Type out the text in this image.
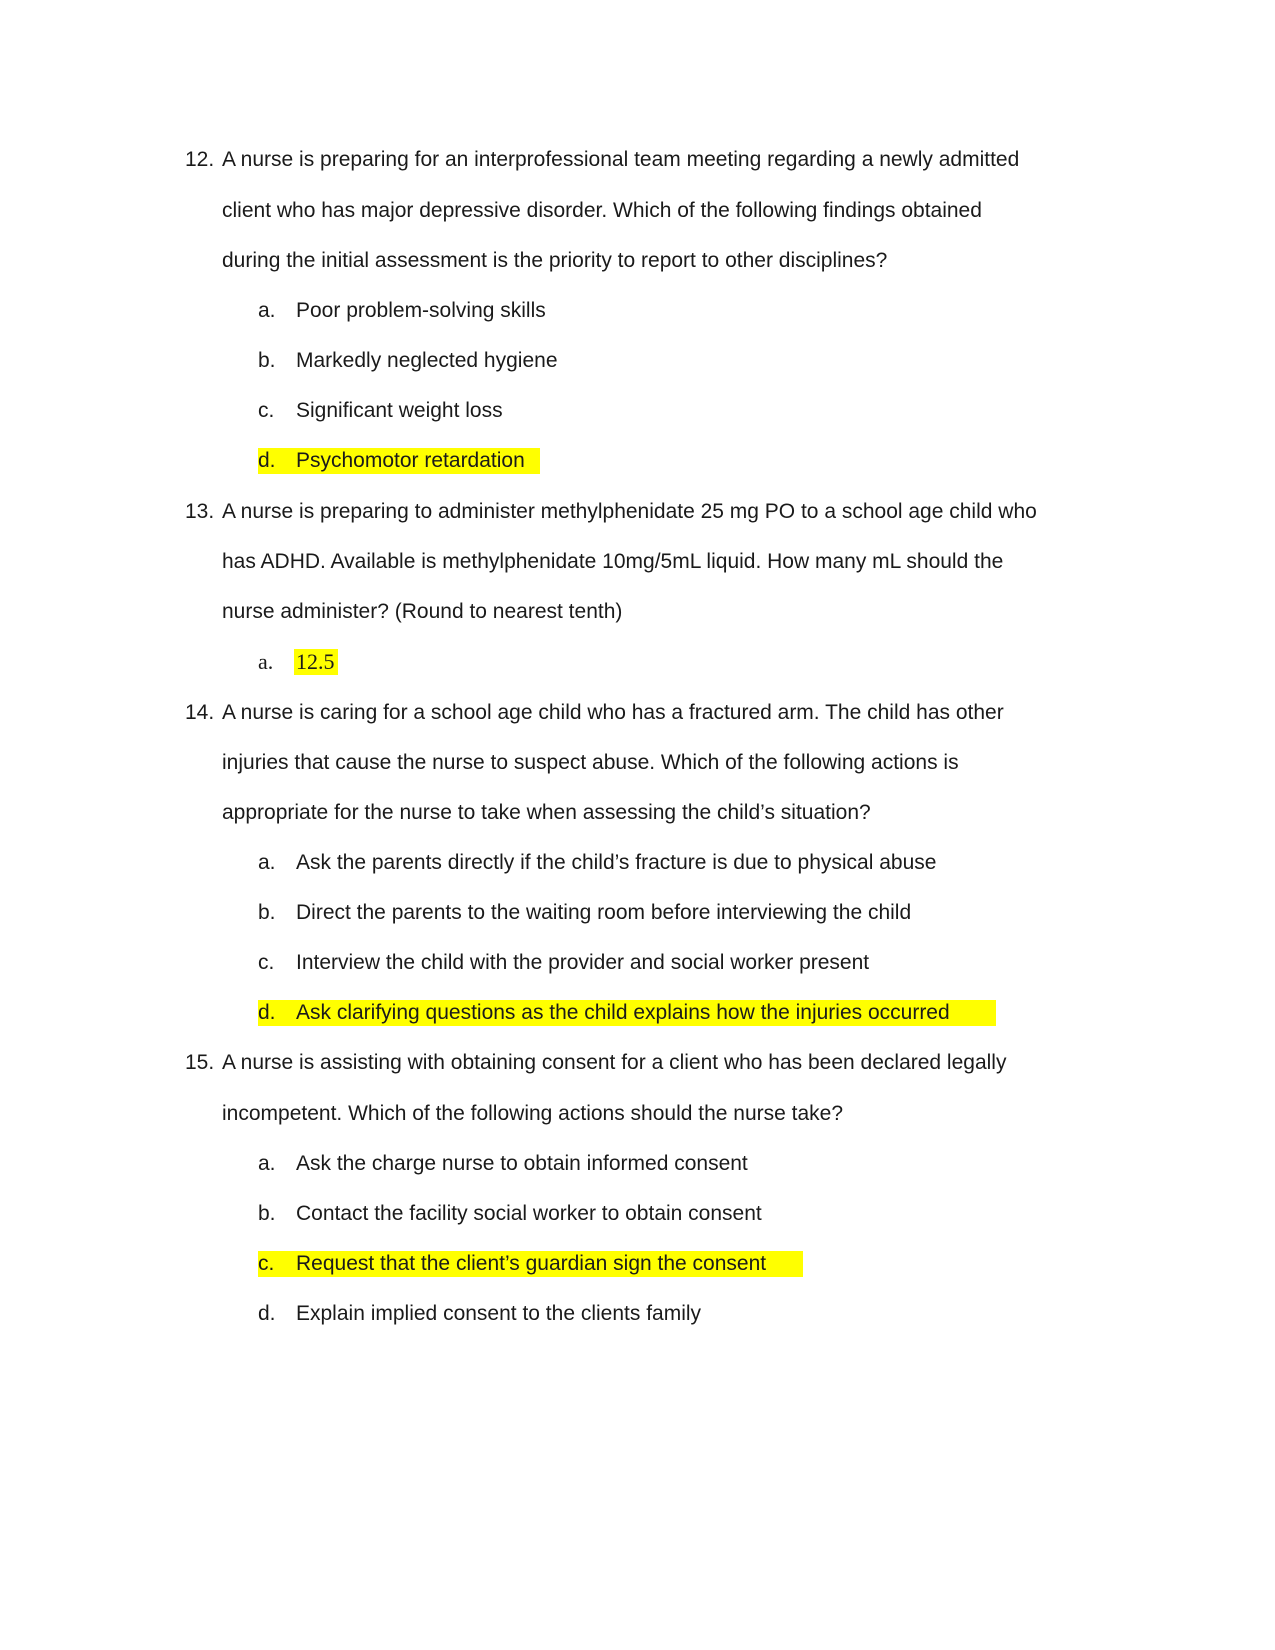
12. A nurse is preparing for an interprofessional team meeting regarding a newly admitted
client who has major depressive disorder. Which of the following findings obtained
during the initial assessment is the priority to report to other disciplines?
a. Poor problem-solving skills
b. Markedly neglected hygiene
c. Significant weight loss
d. Psychomotor retardation
13. A nurse is preparing to administer methylphenidate 25 mg PO to a school age child who
has ADHD. Available is methylphenidate 10mg/5mL liquid. How many mL should the
nurse administer? (Round to nearest tenth)
a. 12.5
14. A nurse is caring for a school age child who has a fractured arm. The child has other
injuries that cause the nurse to suspect abuse. Which of the following actions is
appropriate for the nurse to take when assessing the child’s situation?
a. Ask the parents directly if the child’s fracture is due to physical abuse
b. Direct the parents to the waiting room before interviewing the child
c. Interview the child with the provider and social worker present
d. Ask clarifying questions as the child explains how the injuries occurred
15. A nurse is assisting with obtaining consent for a client who has been declared legally
incompetent. Which of the following actions should the nurse take?
a. Ask the charge nurse to obtain informed consent
b. Contact the facility social worker to obtain consent
c. Request that the client’s guardian sign the consent
d. Explain implied consent to the clients family
